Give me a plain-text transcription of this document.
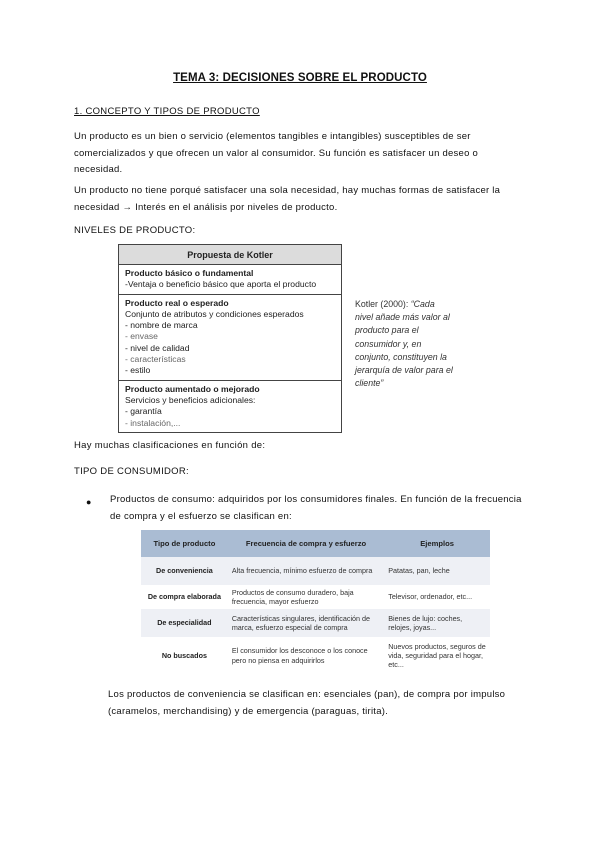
TEMA 3: DECISIONES SOBRE EL PRODUCTO
1. CONCEPTO Y TIPOS DE PRODUCTO
Un producto es un bien o servicio (elementos tangibles e intangibles) susceptibles de ser
comercializados y que ofrecen un valor al consumidor. Su función es satisfacer un deseo o
necesidad.
Un producto no tiene porqué satisfacer una sola necesidad, hay muchas formas de satisfacer la
necesidad → Interés en el análisis por niveles de producto.
NIVELES DE PRODUCTO:
Propuesta de Kotler
Producto básico o fundamental
-Ventaja o beneficio básico que aporta el producto
Producto real o esperado
Conjunto de atributos y condiciones esperados
- nombre de marca
- envase
- nivel de calidad
- características
- estilo
Producto aumentado o mejorado
Servicios y beneficios adicionales:
- garantía
- instalación,...
Kotler (2000): “Cada
nivel añade más valor al
producto para el
consumidor y, en
conjunto, constituyen la
jerarquía de valor para el
cliente”
Hay muchas clasificaciones en función de:
TIPO DE CONSUMIDOR:
● Productos de consumo: adquiridos por los consumidores finales. En función de la frecuencia
de compra y el esfuerzo se clasifican en:
Tipo de producto	Frecuencia de compra y esfuerzo	Ejemplos
De conveniencia	Alta frecuencia, mínimo esfuerzo de compra	Patatas, pan, leche
De compra elaborada	Productos de consumo duradero, baja frecuencia, mayor esfuerzo	Televisor, ordenador, etc...
De especialidad	Características singulares, identificación de marca, esfuerzo especial de compra	Bienes de lujo: coches, relojes, joyas...
No buscados	El consumidor los desconoce o los conoce pero no piensa en adquirirlos	Nuevos productos, seguros de vida, seguridad para el hogar, etc...
Los productos de conveniencia se clasifican en: esenciales (pan), de compra por impulso
(caramelos, merchandising) y de emergencia (paraguas, tirita).
